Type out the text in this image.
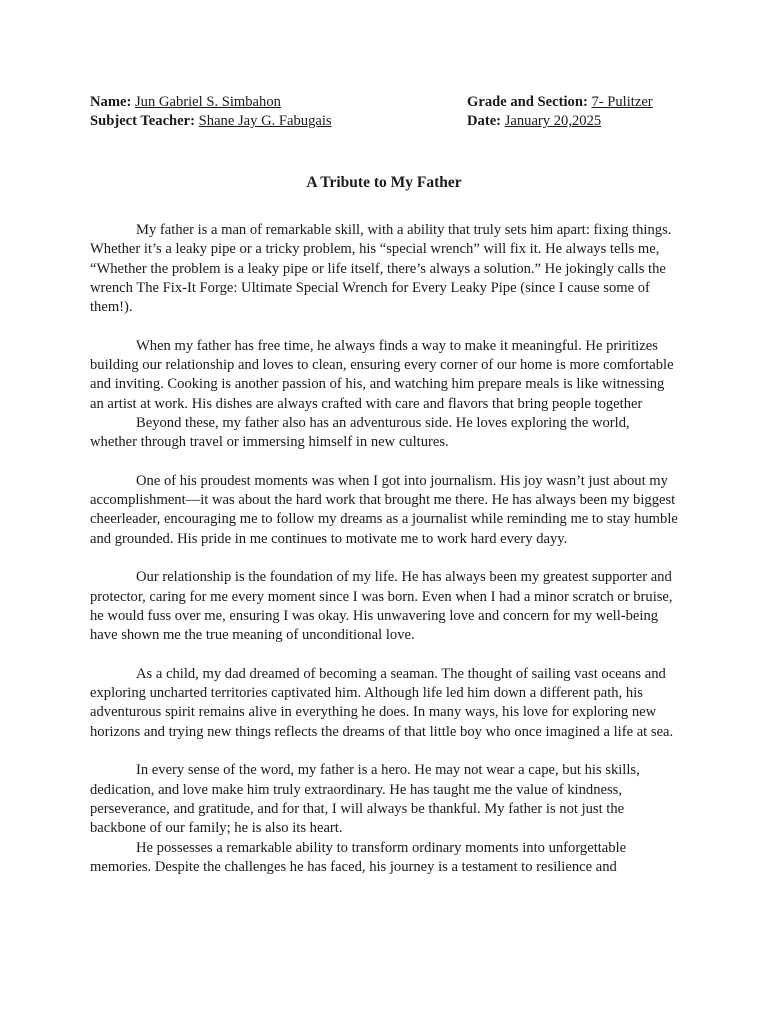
Name: Jun Gabriel S. Simbahon
Subject Teacher: Shane Jay G. Fabugais
Grade and Section: 7- Pulitzer
Date: January 20,2025
A Tribute to My Father

My father is a man of remarkable skill, with a ability that truly sets him apart: fixing things. Whether it’s a leaky pipe or a tricky problem, his “special wrench” will fix it. He always tells me, “Whether the problem is a leaky pipe or life itself, there’s always a solution.” He jokingly calls the wrench The Fix-It Forge: Ultimate Special Wrench for Every Leaky Pipe (since I cause some of them!).

When my father has free time, he always finds a way to make it meaningful. He priritizes building our relationship and loves to clean, ensuring every corner of our home is more comfortable and inviting. Cooking is another passion of his, and watching him prepare meals is like witnessing an artist at work. His dishes are always crafted with care and flavors that bring people together

Beyond these, my father also has an adventurous side. He loves exploring the world, whether through travel or immersing himself in new cultures.

One of his proudest moments was when I got into journalism. His joy wasn’t just about my accomplishment—it was about the hard work that brought me there. He has always been my biggest cheerleader, encouraging me to follow my dreams as a journalist while reminding me to stay humble and grounded. His pride in me continues to motivate me to work hard every dayy.

Our relationship is the foundation of my life. He has always been my greatest supporter and protector, caring for me every moment since I was born. Even when I had a minor scratch or bruise, he would fuss over me, ensuring I was okay. His unwavering love and concern for my well-being have shown me the true meaning of unconditional love.

As a child, my dad dreamed of becoming a seaman. The thought of sailing vast oceans and exploring uncharted territories captivated him. Although life led him down a different path, his adventurous spirit remains alive in everything he does. In many ways, his love for exploring new horizons and trying new things reflects the dreams of that little boy who once imagined a life at sea.

In every sense of the word, my father is a hero. He may not wear a cape, but his skills, dedication, and love make him truly extraordinary. He has taught me the value of kindness, perseverance, and gratitude, and for that, I will always be thankful. My father is not just the backbone of our family; he is also its heart.

He possesses a remarkable ability to transform ordinary moments into unforgettable memories. Despite the challenges he has faced, his journey is a testament to resilience and
